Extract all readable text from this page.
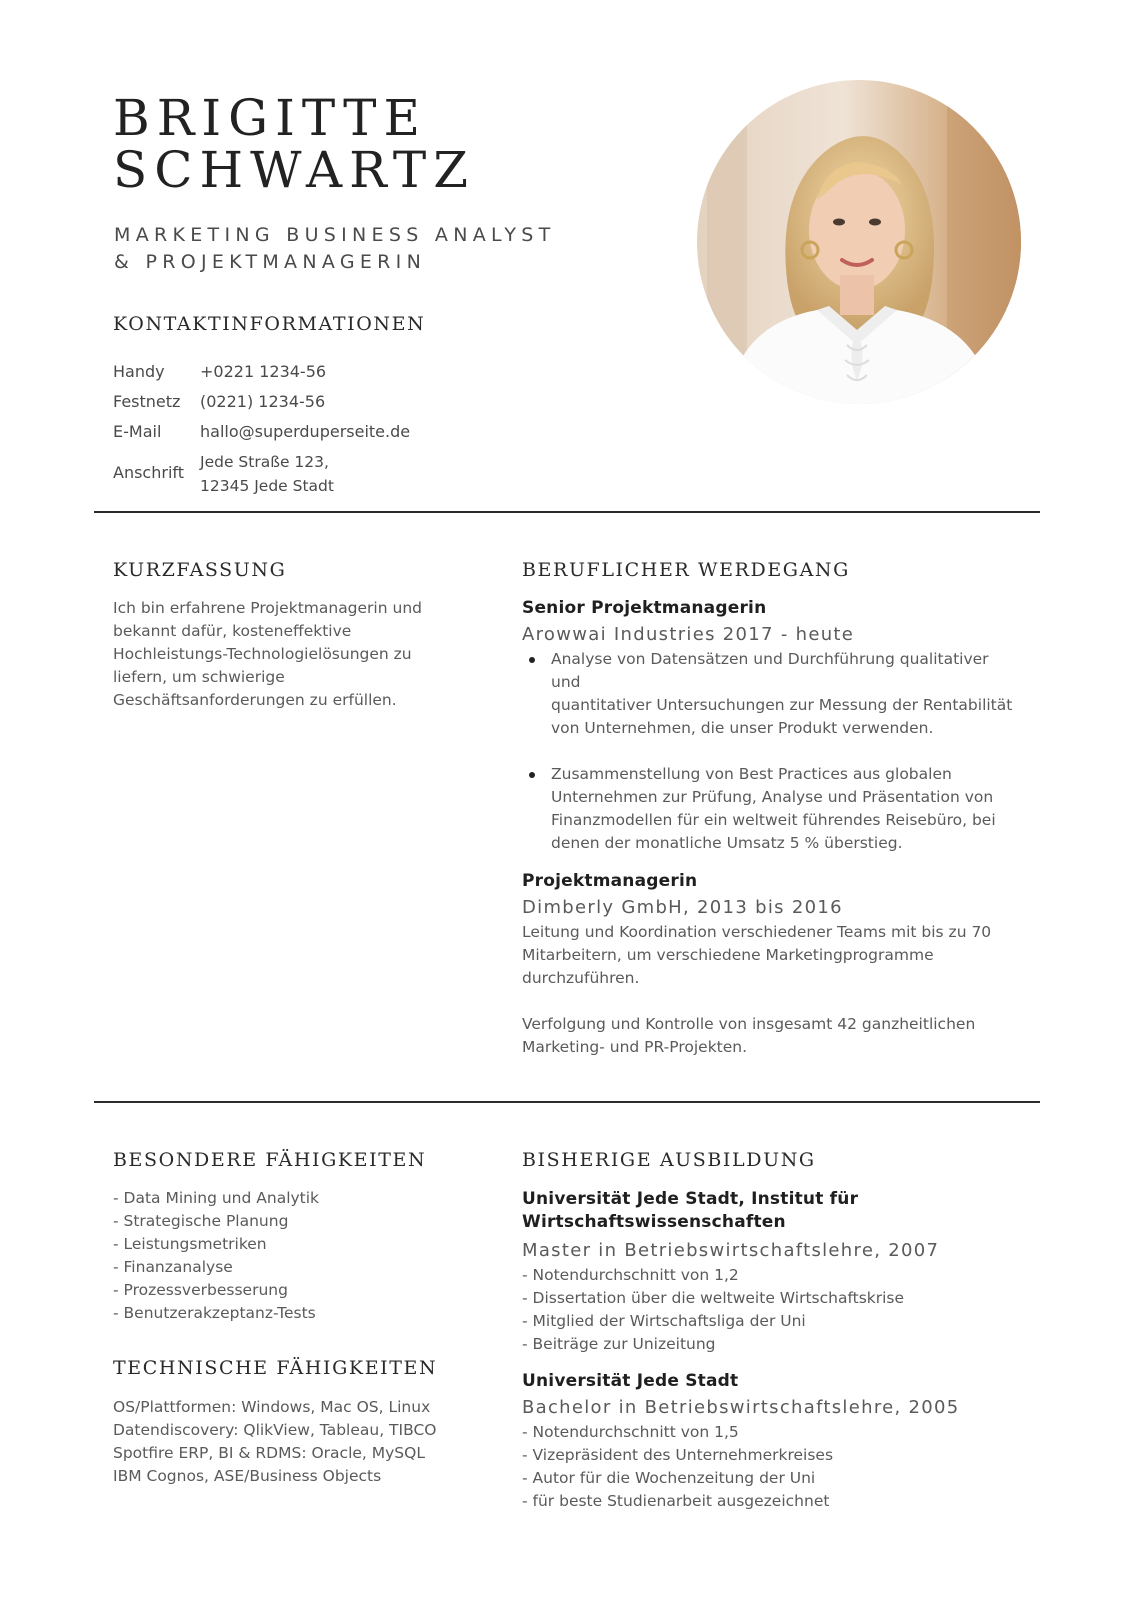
BRIGITTE
SCHWARTZ
MARKETING BUSINESS ANALYST
& PROJEKTMANAGERIN
KONTAKTINFORMATIONEN
Handy	+0221 1234-56
Festnetz	(0221) 1234-56
E-Mail	hallo@superduperseite.de
Anschrift	Jede Straße 123,
12345 Jede Stadt
KURZFASSUNG
Ich bin erfahrene Projektmanagerin und
bekannt dafür, kosteneffektive
Hochleistungs-Technologielösungen zu
liefern, um schwierige
Geschäftsanforderungen zu erfüllen.
BERUFLICHER WERDEGANG
Senior Projektmanagerin
Arowwai Industries 2017 - heute
Analyse von Datensätzen und Durchführung qualitativer und
quantitativer Untersuchungen zur Messung der Rentabilität
von Unternehmen, die unser Produkt verwenden.
Zusammenstellung von Best Practices aus globalen
Unternehmen zur Prüfung, Analyse und Präsentation von
Finanzmodellen für ein weltweit führendes Reisebüro, bei
denen der monatliche Umsatz 5 % überstieg.
Projektmanagerin
Dimberly GmbH, 2013 bis 2016
Leitung und Koordination verschiedener Teams mit bis zu 70
Mitarbeitern, um verschiedene Marketingprogramme
durchzuführen.
Verfolgung und Kontrolle von insgesamt 42 ganzheitlichen
Marketing- und PR-Projekten.
BESONDERE FÄHIGKEITEN
- Data Mining und Analytik
- Strategische Planung
- Leistungsmetriken
- Finanzanalyse
- Prozessverbesserung
- Benutzerakzeptanz-Tests
TECHNISCHE FÄHIGKEITEN
OS/Plattformen: Windows, Mac OS, Linux
Datendiscovery: QlikView, Tableau, TIBCO
Spotfire ERP, BI & RDMS: Oracle, MySQL
IBM Cognos, ASE/Business Objects
BISHERIGE AUSBILDUNG
Universität Jede Stadt, Institut für
Wirtschaftswissenschaften
Master in Betriebswirtschaftslehre, 2007
- Notendurchschnitt von 1,2
- Dissertation über die weltweite Wirtschaftskrise
- Mitglied der Wirtschaftsliga der Uni
- Beiträge zur Unizeitung
Universität Jede Stadt
Bachelor in Betriebswirtschaftslehre, 2005
- Notendurchschnitt von 1,5
- Vizepräsident des Unternehmerkreises
- Autor für die Wochenzeitung der Uni
- für beste Studienarbeit ausgezeichnet
